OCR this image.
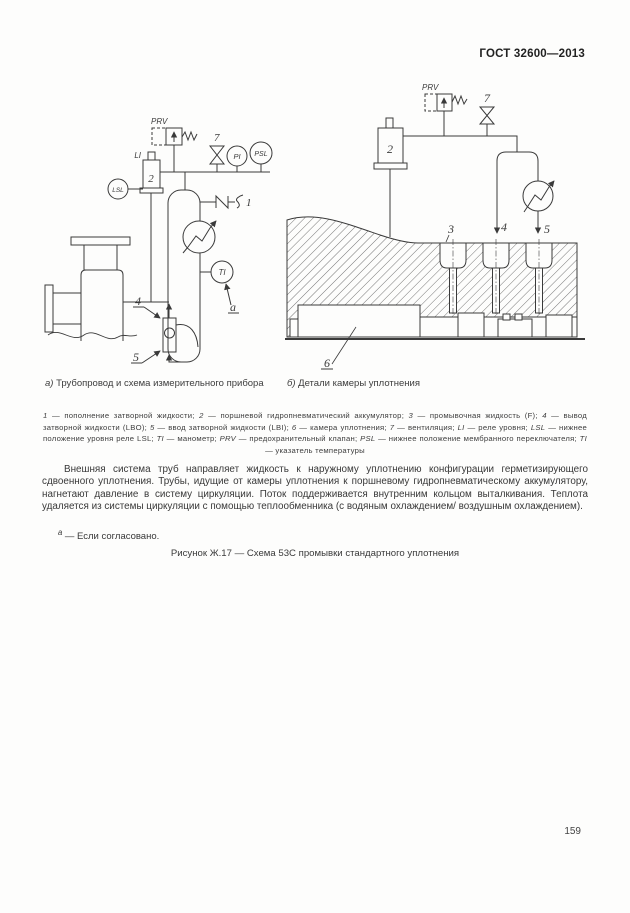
ГОСТ 32600—2013
PRV
7
PI PSL
2
LI
LSL
1
TI
а
4
5
PRV
7
2
3	4	5
6
а) Трубопровод и схема измерительного прибора	б) Детали камеры уплотнения
1 — пополнение затворной жидкости; 2 — поршневой гидропневматический аккумулятор; 3 — промывочная жидкость (F); 4 — вывод затворной жидкости (LBO); 5 — ввод затворной жидкости (LBI); 6 — камера уплотнения; 7 — вентиляция; LI — реле уровня; LSL — нижнее положение уровня реле LSL; TI — манометр; PRV — предохранительный клапан; PSL — нижнее положение мембранного переключателя; TI — указатель температуры

Внешняя система труб направляет жидкость к наружному уплотнению конфигурации герметизирующего сдвоенного уплотнения. Трубы, идущие от камеры уплотнения к поршневому гидропневматическому аккумулятору, нагнетают давление в систему циркуляции. Поток поддерживается внутренним кольцом выталкивания. Теплота удаляется из системы циркуляции с помощью теплообменника (с водяным охлаждением/ воздушным охлаждением).

$^а$ — Если согласовано.
Рисунок Ж.17 — Схема 53С промывки стандартного уплотнения
159
